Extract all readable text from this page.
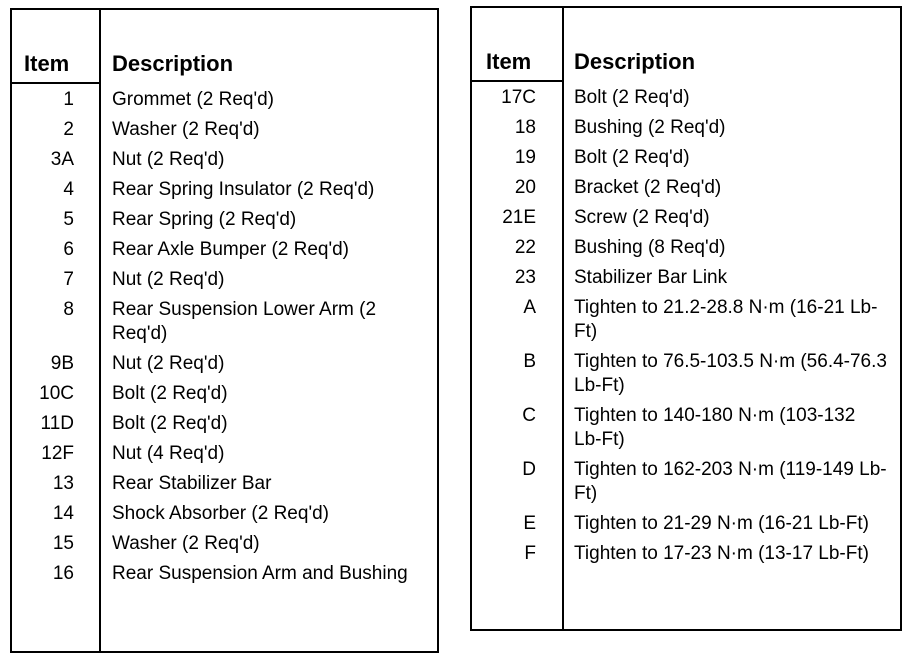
Item Description
1	Grommet (2 Req'd)
2	Washer (2 Req'd)
3A	Nut (2 Req'd)
4	Rear Spring Insulator (2 Req'd)
5	Rear Spring (2 Req'd)
6	Rear Axle Bumper (2 Req'd)
7	Nut (2 Req'd)
8	Rear Suspension Lower Arm (2 Req'd)
9B	Nut (2 Req'd)
10C	Bolt (2 Req'd)
11D	Bolt (2 Req'd)
12F	Nut (4 Req'd)
13	Rear Stabilizer Bar
14	Shock Absorber (2 Req'd)
15	Washer (2 Req'd)
16	Rear Suspension Arm and Bushing
Item Description
17C	Bolt (2 Req'd)
18	Bushing (2 Req'd)
19	Bolt (2 Req'd)
20	Bracket (2 Req'd)
21E	Screw (2 Req'd)
22	Bushing (8 Req'd)
23	Stabilizer Bar Link
A	Tighten to 21.2-28.8 N·m (16-21 Lb-Ft)
B	Tighten to 76.5-103.5 N·m (56.4-76.3 Lb-Ft)
C	Tighten to 140-180 N·m (103-132 Lb-Ft)
D	Tighten to 162-203 N·m (119-149 Lb-Ft)
E	Tighten to 21-29 N·m (16-21 Lb-Ft)
F	Tighten to 17-23 N·m (13-17 Lb-Ft)
